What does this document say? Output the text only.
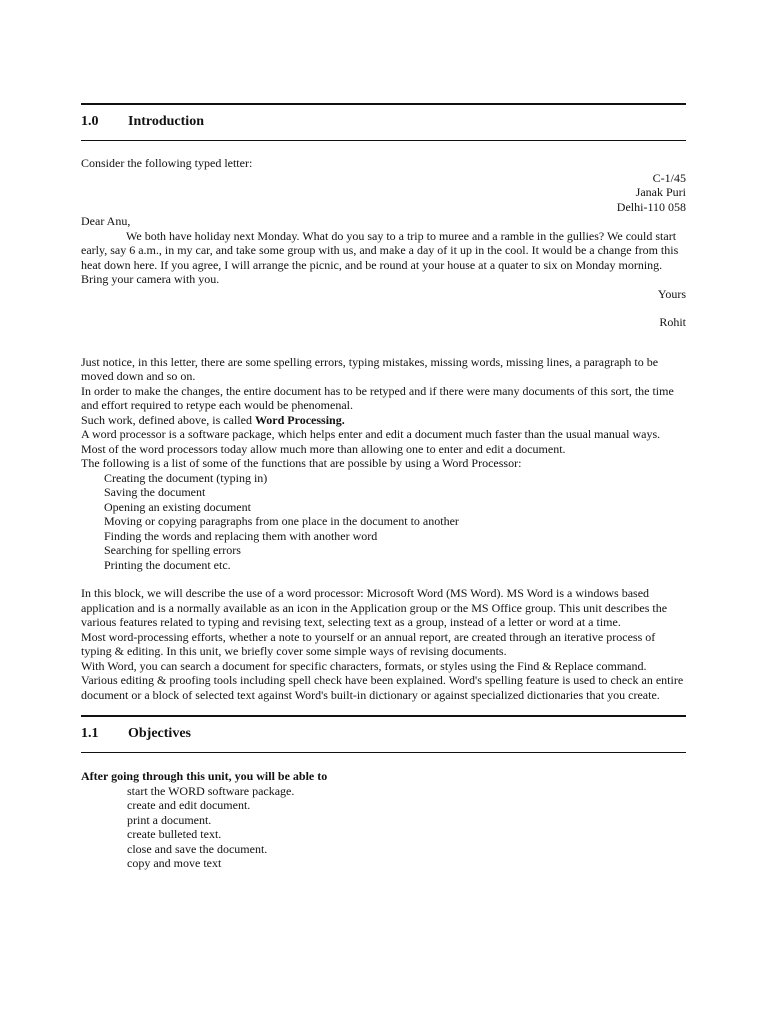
1.0	Introduction

Consider the following typed letter:

C-1/45

Janak Puri

Delhi-110 058

Dear Anu,

We both have holiday next Monday. What do you say to a trip to muree and a ramble in the gullies? We could start early, say 6 a.m., in my car, and take some group with us, and make a day of it up in the cool. It would be a change from this heat down here. If you agree, I will arrange the picnic, and be round at your house at a quater to six on Monday morning. Bring your camera with you.

Yours

Rohit

Just notice, in this letter, there are some spelling errors, typing mistakes, missing words, missing lines, a paragraph to be moved down and so on.

In order to make the changes, the entire document has to be retyped and if there were many documents of this sort, the time and effort required to retype each would be phenomenal.

Such work, defined above, is called Word Processing.

A word processor is a software package, which helps enter and edit a document much faster than the usual manual ways. Most of the word processors today allow much more than allowing one to enter and edit a document.

The following is a list of some of the functions that are possible by using a Word Processor:

Creating the document (typing in)
Saving the document
Opening an existing document
Moving or copying paragraphs from one place in the document to another
Finding the words and replacing them with another word
Searching for spelling errors
Printing the document etc.

In this block, we will describe the use of a word processor: Microsoft Word (MS Word). MS Word is a windows based application and is a normally available as an icon in the Application group or the MS Office group. This unit describes the various features related to typing and revising text, selecting text as a group, instead of a letter or word at a time.

Most word-processing efforts, whether a note to yourself or an annual report, are created through an iterative process of typing & editing. In this unit, we briefly cover some simple ways of revising documents.

With Word, you can search a document for specific characters, formats, or styles using the Find & Replace command.

Various editing & proofing tools including spell check have been explained. Word's spelling feature is used to check an entire document or a block of selected text against Word's built-in dictionary or against specialized dictionaries that you create.

1.1	Objectives

After going through this unit, you will be able to

start the WORD software package.
create and edit document.
print a document.
create bulleted text.
close and save the document.
copy and move text
